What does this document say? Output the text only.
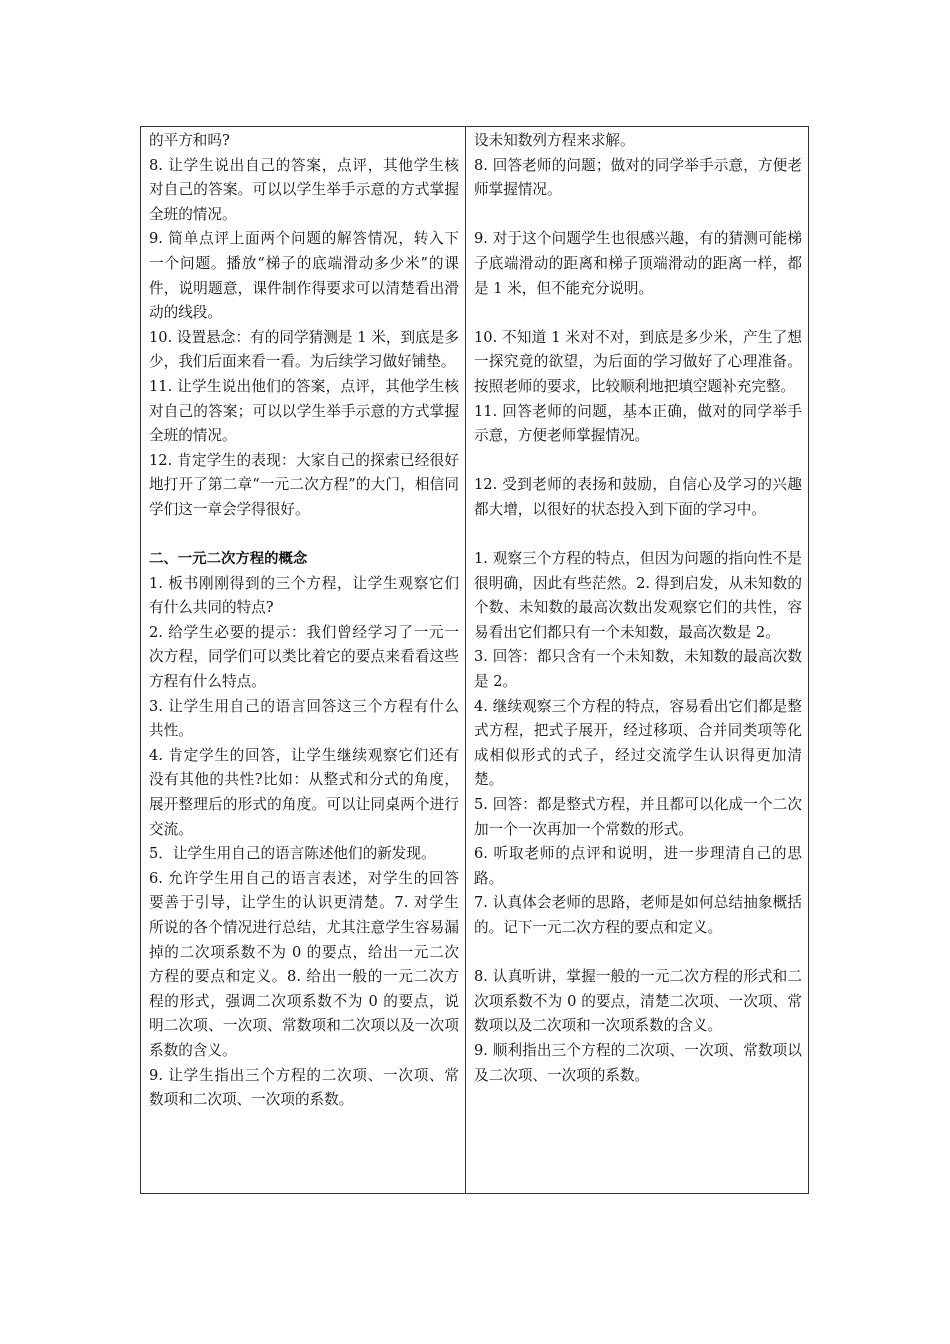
的平方和吗?

8. 让学生说出自己的答案，点评，其他学生核对自己的答案。可以以学生举手示意的方式掌握全班的情况。

9. 简单点评上面两个问题的解答情况，转入下一个问题。播放“梯子的底端滑动多少米”的课件，说明题意，课件制作得要求可以清楚看出滑动的线段。

10. 设置悬念：有的同学猜测是 1 米，到底是多少，我们后面来看一看。为后续学习做好铺垫。

11. 让学生说出他们的答案，点评，其他学生核对自己的答案；可以以学生举手示意的方式掌握全班的情况。

12. 肯定学生的表现：大家自己的探索已经很好地打开了第二章“一元二次方程”的大门，相信同学们这一章会学得很好。

二、一元二次方程的概念

1. 板书刚刚得到的三个方程，让学生观察它们有什么共同的特点?

2. 给学生必要的提示：我们曾经学习了一元一次方程，同学们可以类比着它的要点来看看这些方程有什么特点。

3. 让学生用自己的语言回答这三个方程有什么共性。

4. 肯定学生的回答，让学生继续观察它们还有没有其他的共性?比如：从整式和分式的角度，展开整理后的形式的角度。可以让同桌两个进行交流。

5．让学生用自己的语言陈述他们的新发现。

6. 允许学生用自己的语言表述，对学生的回答要善于引导，让学生的认识更清楚。7. 对学生所说的各个情况进行总结，尤其注意学生容易漏掉的二次项系数不为 0 的要点，给出一元二次方程的要点和定义。8. 给出一般的一元二次方程的形式，强调二次项系数不为 0 的要点，说明二次项、一次项、常数项和二次项以及一次项系数的含义。

9. 让学生指出三个方程的二次项、一次项、常数项和二次项、一次项的系数。

设未知数列方程来求解。

8. 回答老师的问题；做对的同学举手示意，方便老师掌握情况。

9. 对于这个问题学生也很感兴趣，有的猜测可能梯子底端滑动的距离和梯子顶端滑动的距离一样，都是 1 米，但不能充分说明。

10. 不知道 1 米对不对，到底是多少米，产生了想一探究竟的欲望，为后面的学习做好了心理准备。按照老师的要求，比较顺利地把填空题补充完整。

11. 回答老师的问题，基本正确，做对的同学举手示意，方便老师掌握情况。

12. 受到老师的表扬和鼓励，自信心及学习的兴趣都大增，以很好的状态投入到下面的学习中。

1. 观察三个方程的特点，但因为问题的指向性不是很明确，因此有些茫然。2. 得到启发，从未知数的个数、未知数的最高次数出发观察它们的共性，容易看出它们都只有一个未知数，最高次数是 2。

3. 回答：都只含有一个未知数，未知数的最高次数是 2。

4. 继续观察三个方程的特点，容易看出它们都是整式方程，把式子展开，经过移项、合并同类项等化成相似形式的式子，经过交流学生认识得更加清楚。

5. 回答：都是整式方程，并且都可以化成一个二次加一个一次再加一个常数的形式。

6. 听取老师的点评和说明，进一步理清自己的思路。

7. 认真体会老师的思路，老师是如何总结抽象概括的。记下一元二次方程的要点和定义。

8. 认真听讲，掌握一般的一元二次方程的形式和二次项系数不为 0 的要点，清楚二次项、一次项、常数项以及二次项和一次项系数的含义。

9. 顺利指出三个方程的二次项、一次项、常数项以及二次项、一次项的系数。
